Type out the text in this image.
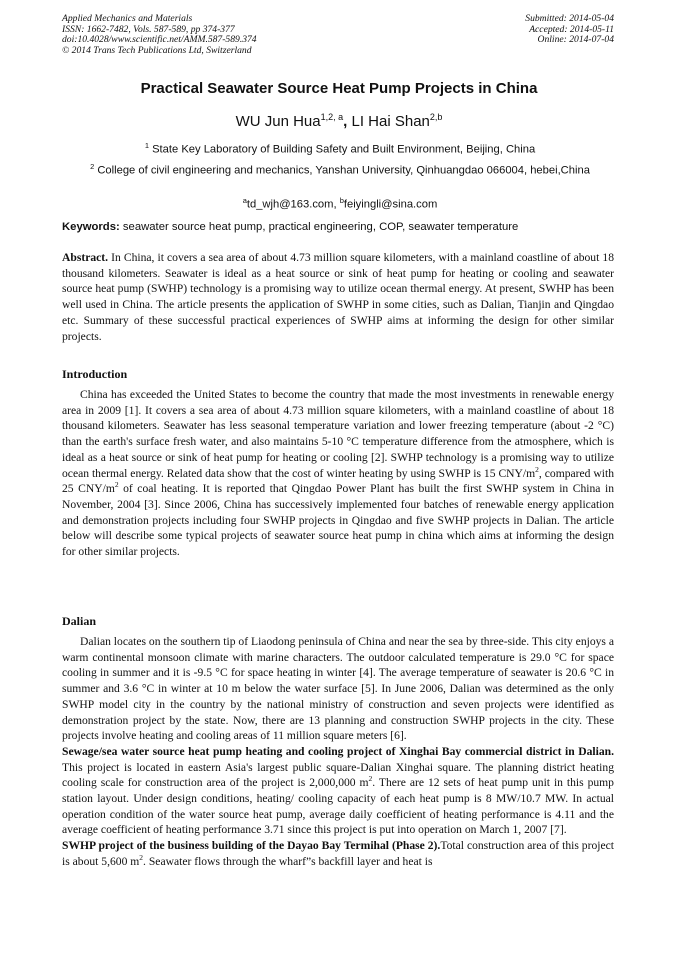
Applied Mechanics and Materials
ISSN: 1662-7482, Vols. 587-589, pp 374-377
doi:10.4028/www.scientific.net/AMM.587-589.374
© 2014 Trans Tech Publications Ltd, Switzerland
Submitted: 2014-05-04
Accepted: 2014-05-11
Online: 2014-07-04
Practical Seawater Source Heat Pump Projects in China
WU Jun Hua$^{1,2, a}$, LI Hai Shan$^{2,b}$
$^1$ State Key Laboratory of Building Safety and Built Environment, Beijing, China
$^2$ College of civil engineering and mechanics, Yanshan University, Qinhuangdao 066004, hebei,China
$^a$td_wjh@163.com, $^b$feiyingli@sina.com
Keywords: seawater source heat pump, practical engineering, COP, seawater temperature

Abstract. In China, it covers a sea area of about 4.73 million square kilometers, with a mainland coastline of about 18 thousand kilometers. Seawater is ideal as a heat source or sink of heat pump for heating or cooling and seawater source heat pump (SWHP) technology is a promising way to utilize ocean thermal energy. At present, SWHP has been well used in China. The article presents the application of SWHP in some cities, such as Dalian, Tianjin and Qingdao etc. Summary of these successful practical experiences of SWHP aims at informing the design for other similar projects.

Introduction

China has exceeded the United States to become the country that made the most investments in renewable energy area in 2009 [1]. It covers a sea area of about 4.73 million square kilometers, with a mainland coastline of about 18 thousand kilometers. Seawater has less seasonal temperature variation and lower freezing temperature (about -2 °C) than the earth's surface fresh water, and also maintains 5-10 °C temperature difference from the atmosphere, which is ideal as a heat source or sink of heat pump for heating or cooling [2]. SWHP technology is a promising way to utilize ocean thermal energy. Related data show that the cost of winter heating by using SWHP is 15 CNY/$m^2$, compared with 25 CNY/$m^2$ of coal heating. It is reported that Qingdao Power Plant has built the first SWHP system in China in November, 2004 [3]. Since 2006, China has successively implemented four batches of renewable energy application and demonstration projects including four SWHP projects in Qingdao and five SWHP projects in Dalian. The article below will describe some typical projects of seawater source heat pump in china which aims at informing the design for other similar projects.

Dalian

Dalian locates on the southern tip of Liaodong peninsula of China and near the sea by three-side. This city enjoys a warm continental monsoon climate with marine characters. The outdoor calculated temperature is 29.0 °C for space cooling in summer and it is -9.5 °C for space heating in winter [4]. The average temperature of seawater is 20.6 °C in summer and 3.6 °C in winter at 10 m below the water surface [5]. In June 2006, Dalian was determined as the only SWHP model city in the country by the national ministry of construction and seven projects were identified as demonstration project by the state. Now, there are 13 planning and construction SWHP projects in the city. These projects involve heating and cooling areas of 11 million square meters [6].

Sewage/sea water source heat pump heating and cooling project of Xinghai Bay commercial district in Dalian. This project is located in eastern Asia's largest public square-Dalian Xinghai square. The planning district heating cooling scale for construction area of the project is 2,000,000 $m^2$. There are 12 sets of heat pump unit in this pump station layout. Under design conditions, heating/ cooling capacity of each heat pump is 8 MW/10.7 MW. In actual operation condition of the water source heat pump, average daily coefficient of heating performance is 4.11 and the average coefficient of heating performance 3.71 since this project is put into operation on March 1, 2007 [7].

SWHP project of the business building of the Dayao Bay Termihal (Phase 2).Total construction area of this project is about 5,600 $m^2$. Seawater flows through the wharf”s backfill layer and heat is
